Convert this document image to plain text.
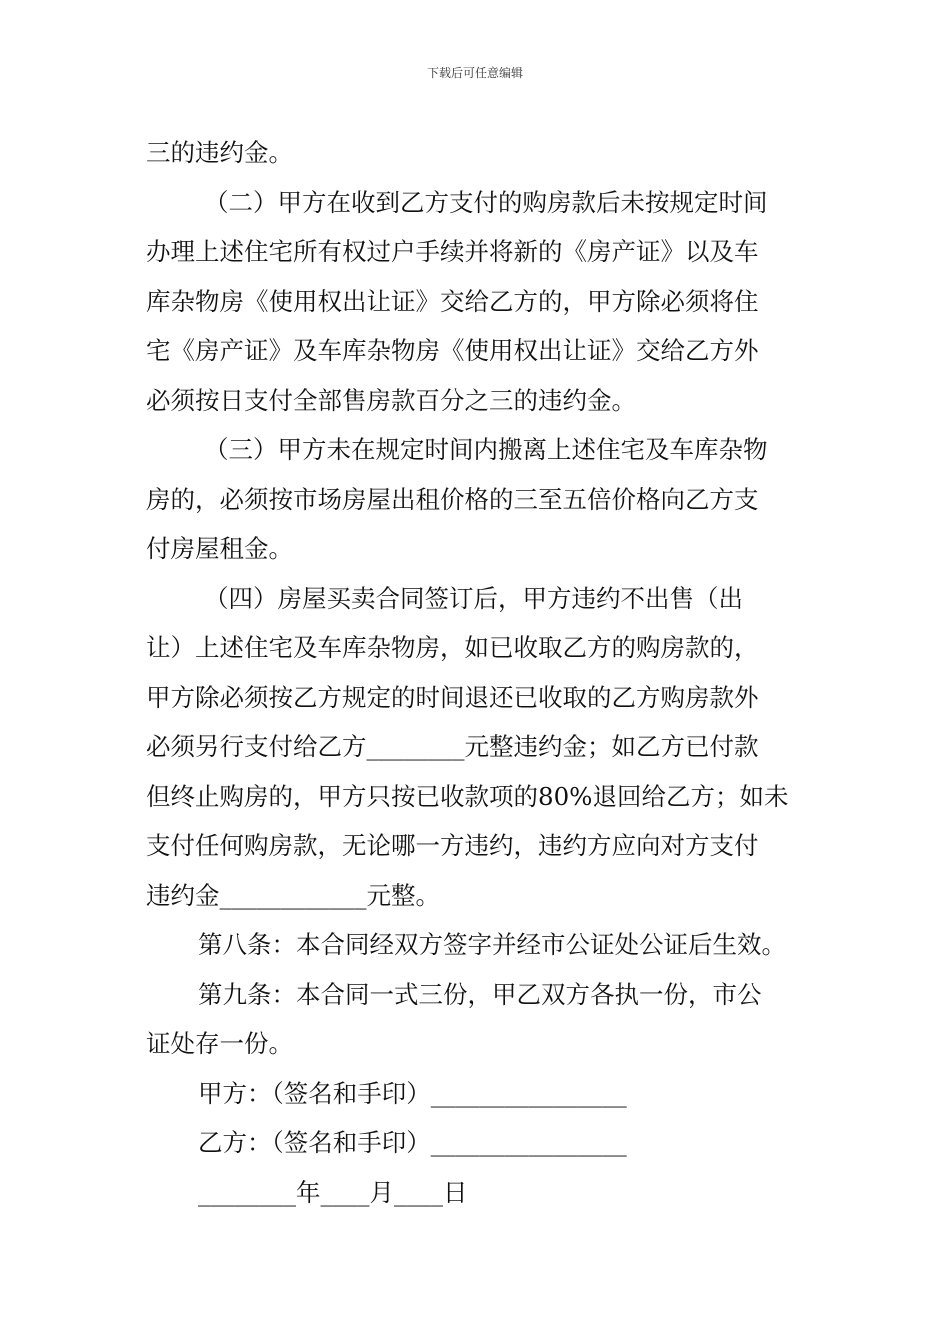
下载后可任意编辑

三的违约金。

（二）甲方在收到乙方支付的购房款后未按规定时间
办理上述住宅所有权过户手续并将新的《房产证》以及车
库杂物房《使用权出让证》交给乙方的，甲方除必须将住
宅《房产证》及车库杂物房《使用权出让证》交给乙方外
必须按日支付全部售房款百分之三的违约金。

（三）甲方未在规定时间内搬离上述住宅及车库杂物
房的，必须按市场房屋出租价格的三至五倍价格向乙方支
付房屋租金。

（四）房屋买卖合同签订后，甲方违约不出售（出
让）上述住宅及车库杂物房，如已收取乙方的购房款的，
甲方除必须按乙方规定的时间退还已收取的乙方购房款外
必须另行支付给乙方________元整违约金；如乙方已付款
但终止购房的，甲方只按已收款项的80%退回给乙方；如未
支付任何购房款，无论哪一方违约，违约方应向对方支付
违约金____________元整。

第八条：本合同经双方签字并经市公证处公证后生效。

第九条：本合同一式三份，甲乙双方各执一份，市公
证处存一份。

甲方：（签名和手印）________________

乙方：（签名和手印）________________

________年____月____日
